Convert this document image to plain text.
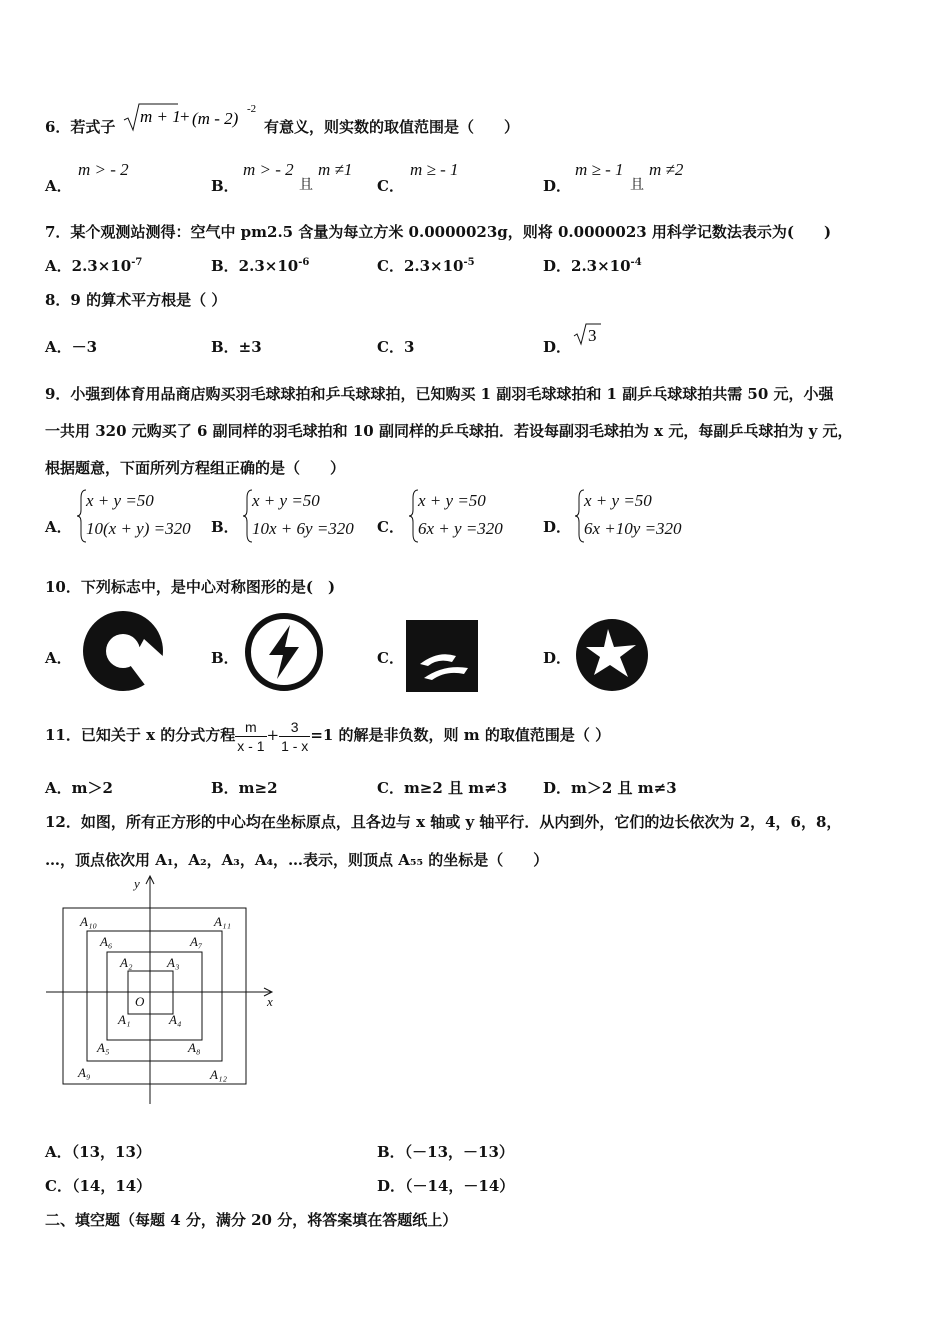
6．若式子
m + 1 + (m - 2) -2
有意义，则实数的取值范围是（　　）
A．
m > - 2
B．
m > - 2
且
m ≠1
C．
m ≥ - 1
D．
m ≥ - 1
且
m ≠2
7．某个观测站测得：空气中 pm2.5 含量为每立方米 0.0000023g，则将 0.0000023 用科学记数法表示为(　　)
A．$2.3\times 10^{-7}$	B．$2.3\times 10^{-6}$	C．$2.3\times 10^{-5}$	D．$2.3\times 10^{-4}$
8．9 的算术平方根是（ ）
A．－3	B．±3	C．3	D．
3
9．小强到体育用品商店购买羽毛球球拍和乒乓球球拍，已知购买 1 副羽毛球球拍和 1 副乒乓球球拍共需 50 元，小强
一共用 320 元购买了 6 副同样的羽毛球拍和 10 副同样的乒乓球拍．若设每副羽毛球拍为 x 元，每副乒乓球拍为 y 元，
根据题意，下面所列方程组正确的是（　　）
A．
x + y =50
10(x + y) =320 B．
x + y =50
10x + 6y =320 C．
x + y =50
6x + y =320	D．
x + y =50
6x +10y =320
10．下列标志中，是中心对称图形的是(　)
A．	B．	C．	D．
11．已知关于 x 的分式方程 $\frac{m}{x - 1} + \frac{3}{1 - x} =1$ 的解是非负数，则 m 的取值范围是（ ）
A．m＞2	B．m≥2	C．m≥2 且 m≠3 D．m＞2 且 m≠3
12．如图，所有正方形的中心均在坐标原点，且各边与 x 轴或 y 轴平行．从内到外，它们的边长依次为 2，4，6，8，
…，顶点依次用 A₁，A₂，A₃，A₄，…表示，则顶点 A₅₅ 的坐标是（　　）
x
y
O
A₁
A₂	A₃
A₄
A₅
A₆	A₇
A₈
A₉
A₁₀	A₁₁
A₁₂
A．（13，13）	B．（－13，－13）
C．（14，14）	D．（－14，－14）
二、填空题（每题 4 分，满分 20 分，将答案填在答题纸上）
